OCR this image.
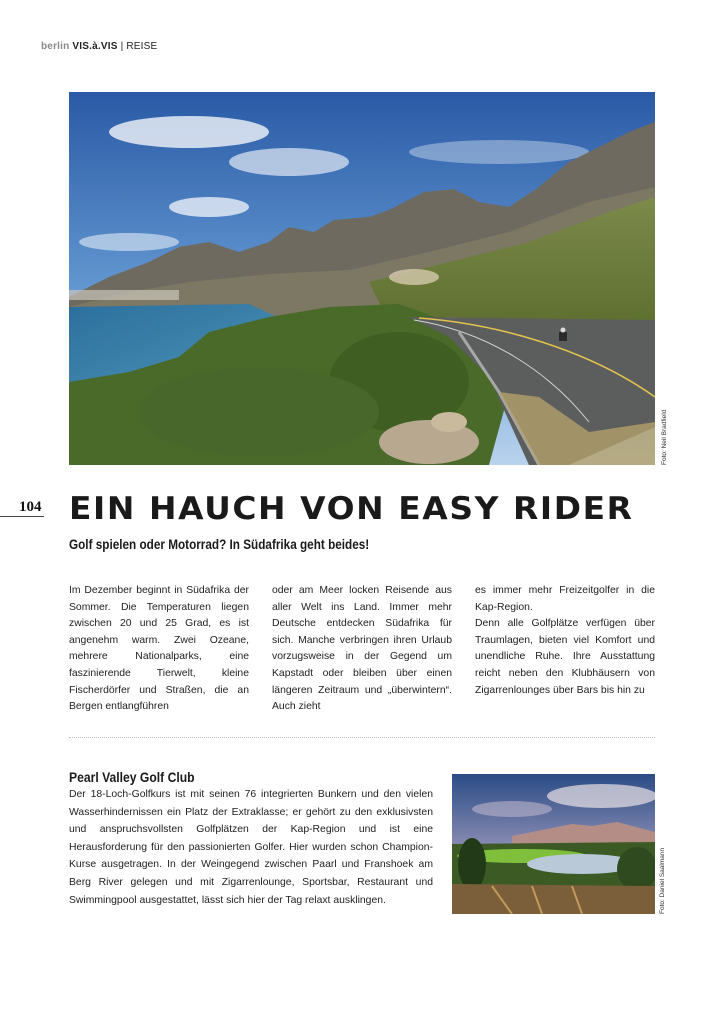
berlin VIS.à.VIS | REISE
Foto: Neil Bradfield
104 EIN HAUCH VON EASY RIDER
Golf spielen oder Motorrad? In Südafrika geht beides!

Im Dezember beginnt in Südafrika der Sommer. Die Temperaturen liegen zwischen 20 und 25 Grad, es ist angenehm warm. Zwei Ozeane, mehrere Nationalparks, eine faszinierende Tierwelt, kleine Fischerdörfer und Straßen, die an Bergen entlangführen

oder am Meer locken Reisende aus aller Welt ins Land. Immer mehr Deutsche entdecken Südafrika für sich. Manche verbringen ihren Urlaub vorzugsweise in der Gegend um Kapstadt oder bleiben über einen längeren Zeitraum und „überwintern“. Auch zieht

es immer mehr Freizeitgolfer in die Kap-Region.

Denn alle Golfplätze verfügen über Traumlagen, bieten viel Komfort und unendliche Ruhe. Ihre Ausstattung reicht neben den Klubhäusern von Zigarrenlounges über Bars bis hin zu

Pearl Valley Golf Club
Der 18-Loch-Golfkurs ist mit seinen 76 integrierten Bunkern und den vielen Wasserhindernissen ein Platz der Extraklasse; er gehört zu den exklusivsten und anspruchsvollsten Golfplätzen der Kap-Region und ist eine Herausforderung für den passionierten Golfer. Hier wurden schon Champion-Kurse ausgetragen. In der Weingegend zwischen Paarl und Franshoek am Berg River gelegen und mit Zigarrenlounge, Sportsbar, Restaurant und Swimmingpool ausgestattet, lässt sich hier der Tag relaxt ausklingen.	Foto: Daniel Saalmann
